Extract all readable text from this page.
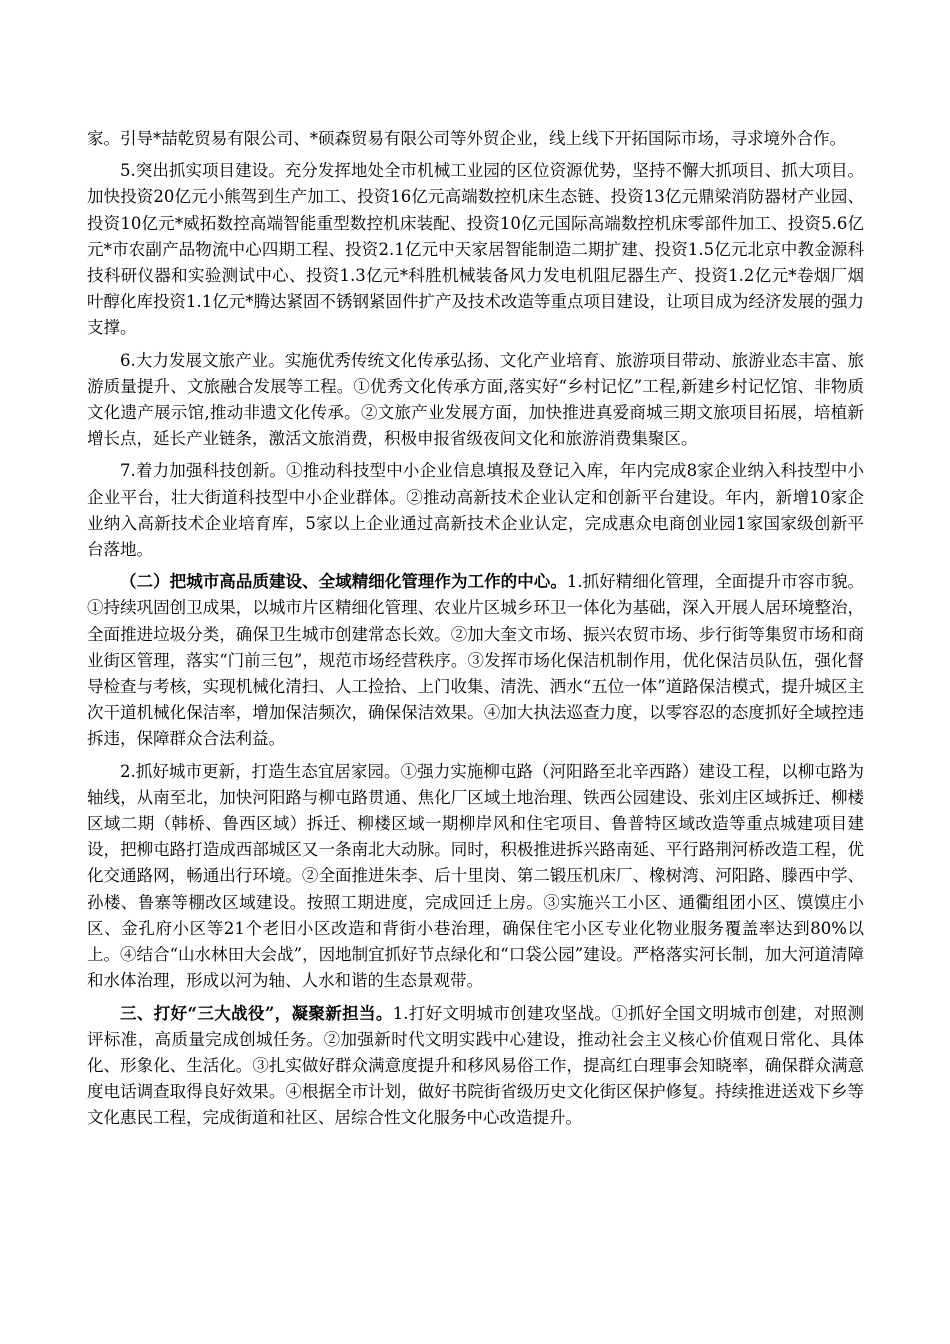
家。引导*喆乾贸易有限公司、*硕森贸易有限公司等外贸企业，线上线下开拓国际市场，寻求境外合作。

5.突出抓实项目建设。充分发挥地处全市机械工业园的区位资源优势，坚持不懈大抓项目、抓大项目。加快投资20亿元小熊驾到生产加工、投资16亿元高端数控机床生态链、投资13亿元鼎梁消防器材产业园、投资10亿元*威拓数控高端智能重型数控机床装配、投资10亿元国际高端数控机床零部件加工、投资5.6亿元*市农副产品物流中心四期工程、投资2.1亿元中天家居智能制造二期扩建、投资1.5亿元北京中教金源科技科研仪器和实验测试中心、投资1.3亿元*科胜机械装备风力发电机阻尼器生产、投资1.2亿元*卷烟厂烟叶醇化库投资1.1亿元*腾达紧固不锈钢紧固件扩产及技术改造等重点项目建设，让项目成为经济发展的强力支撑。

6.大力发展文旅产业。实施优秀传统文化传承弘扬、文化产业培育、旅游项目带动、旅游业态丰富、旅游质量提升、文旅融合发展等工程。①优秀文化传承方面,落实好“乡村记忆”工程,新建乡村记忆馆、非物质文化遗产展示馆,推动非遗文化传承。②文旅产业发展方面，加快推进真爱商城三期文旅项目拓展，培植新增长点，延长产业链条，激活文旅消费，积极申报省级夜间文化和旅游消费集聚区。

7.着力加强科技创新。①推动科技型中小企业信息填报及登记入库，年内完成8家企业纳入科技型中小企业平台，壮大街道科技型中小企业群体。②推动高新技术企业认定和创新平台建设。年内，新增10家企业纳入高新技术企业培育库，5家以上企业通过高新技术企业认定，完成惠众电商创业园1家国家级创新平台落地。

（二）把城市高品质建设、全域精细化管理作为工作的中心。1.抓好精细化管理，全面提升市容市貌。①持续巩固创卫成果，以城市片区精细化管理、农业片区城乡环卫一体化为基础，深入开展人居环境整治，全面推进垃圾分类，确保卫生城市创建常态长效。②加大奎文市场、振兴农贸市场、步行街等集贸市场和商业街区管理，落实“门前三包”，规范市场经营秩序。③发挥市场化保洁机制作用，优化保洁员队伍，强化督导检查与考核，实现机械化清扫、人工捡拾、上门收集、清洗、洒水“五位一体”道路保洁模式，提升城区主次干道机械化保洁率，增加保洁频次，确保保洁效果。④加大执法巡查力度，以零容忍的态度抓好全域控违拆违，保障群众合法利益。

2.抓好城市更新，打造生态宜居家园。①强力实施柳屯路（河阳路至北辛西路）建设工程，以柳屯路为轴线，从南至北，加快河阳路与柳屯路贯通、焦化厂区域土地治理、铁西公园建设、张刘庄区域拆迁、柳楼区域二期（韩桥、鲁西区域）拆迁、柳楼区域一期柳岸风和住宅项目、鲁普特区域改造等重点城建项目建设，把柳屯路打造成西部城区又一条南北大动脉。同时，积极推进拆兴路南延、平行路荆河桥改造工程，优化交通路网，畅通出行环境。②全面推进朱李、后十里岗、第二锻压机床厂、橡树湾、河阳路、滕西中学、孙楼、鲁寨等棚改区域建设。按照工期进度，完成回迁上房。③实施兴工小区、通衢组团小区、馍馍庄小区、金孔府小区等21个老旧小区改造和背街小巷治理，确保住宅小区专业化物业服务覆盖率达到80%以上。④结合“山水林田大会战”，因地制宜抓好节点绿化和“口袋公园”建设。严格落实河长制，加大河道清障和水体治理，形成以河为轴、人水和谐的生态景观带。

三、打好“三大战役”，凝聚新担当。1.打好文明城市创建攻坚战。①抓好全国文明城市创建，对照测评标准，高质量完成创城任务。②加强新时代文明实践中心建设，推动社会主义核心价值观日常化、具体化、形象化、生活化。③扎实做好群众满意度提升和移风易俗工作，提高红白理事会知晓率，确保群众满意度电话调查取得良好效果。④根据全市计划，做好书院街省级历史文化街区保护修复。持续推进送戏下乡等文化惠民工程，完成街道和社区、居综合性文化服务中心改造提升。
